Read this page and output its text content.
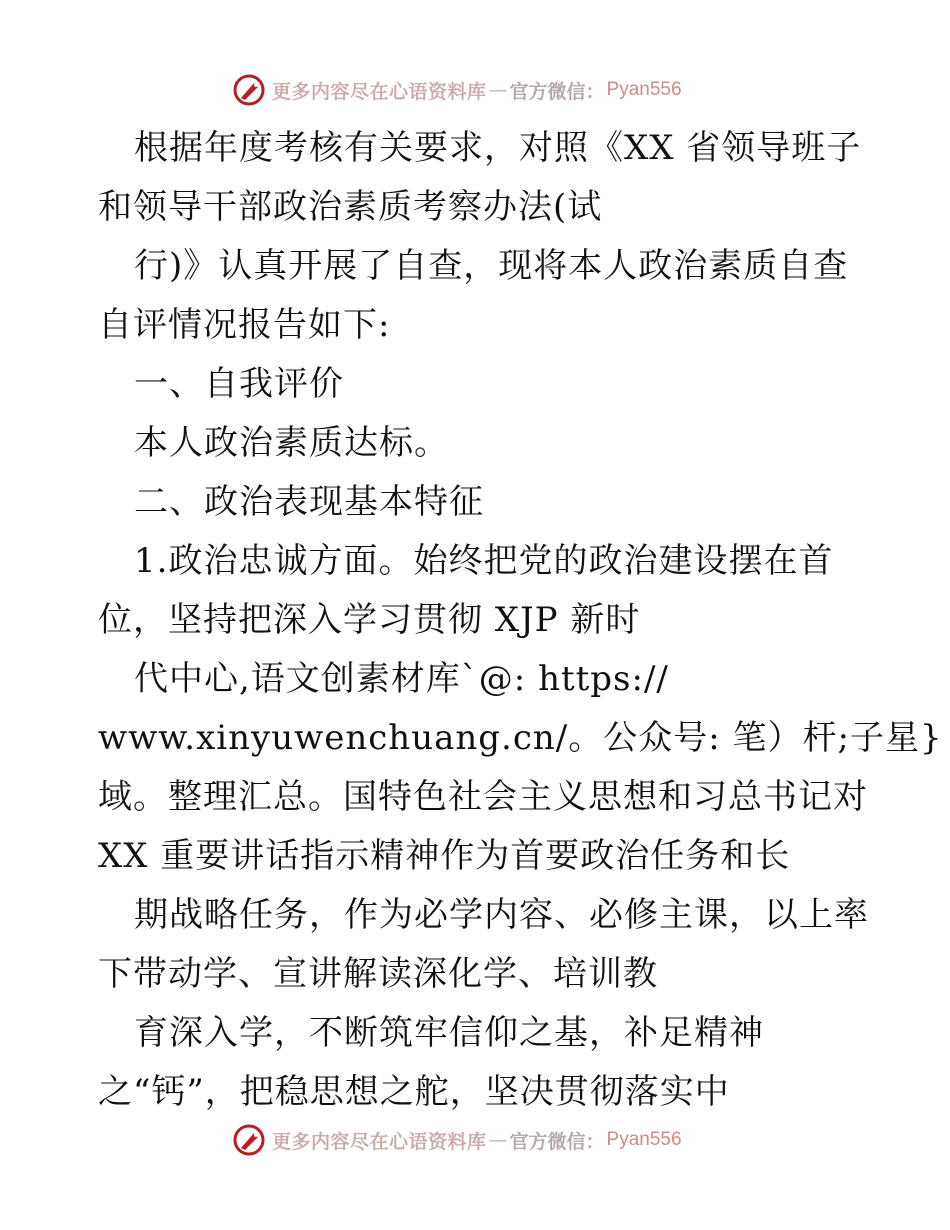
更多内容尽在心语资料库 — 官方微信： Pyan556
根据年度考核有关要求，对照《XX 省领导班子
和领导干部政治素质考察办法(试
行)》认真开展了自查，现将本人政治素质自查
自评情况报告如下:
一、自我评价
本人政治素质达标。
二、政治表现基本特征
1.政治忠诚方面。始终把党的政治建设摆在首
位，坚持把深入学习贯彻 XJP 新时
代中心,语文创素材库`@: https://
www.xinyuwenchuang.cn/。公众号: 笔）杆;子星}
域。整理汇总。国特色社会主义思想和习总书记对
XX 重要讲话指示精神作为首要政治任务和长
期战略任务，作为必学内容、必修主课，以上率
下带动学、宣讲解读深化学、培训教
育深入学，不断筑牢信仰之基，补足精神
之“钙”，把稳思想之舵，坚决贯彻落实中
更多内容尽在心语资料库 — 官方微信： Pyan556
